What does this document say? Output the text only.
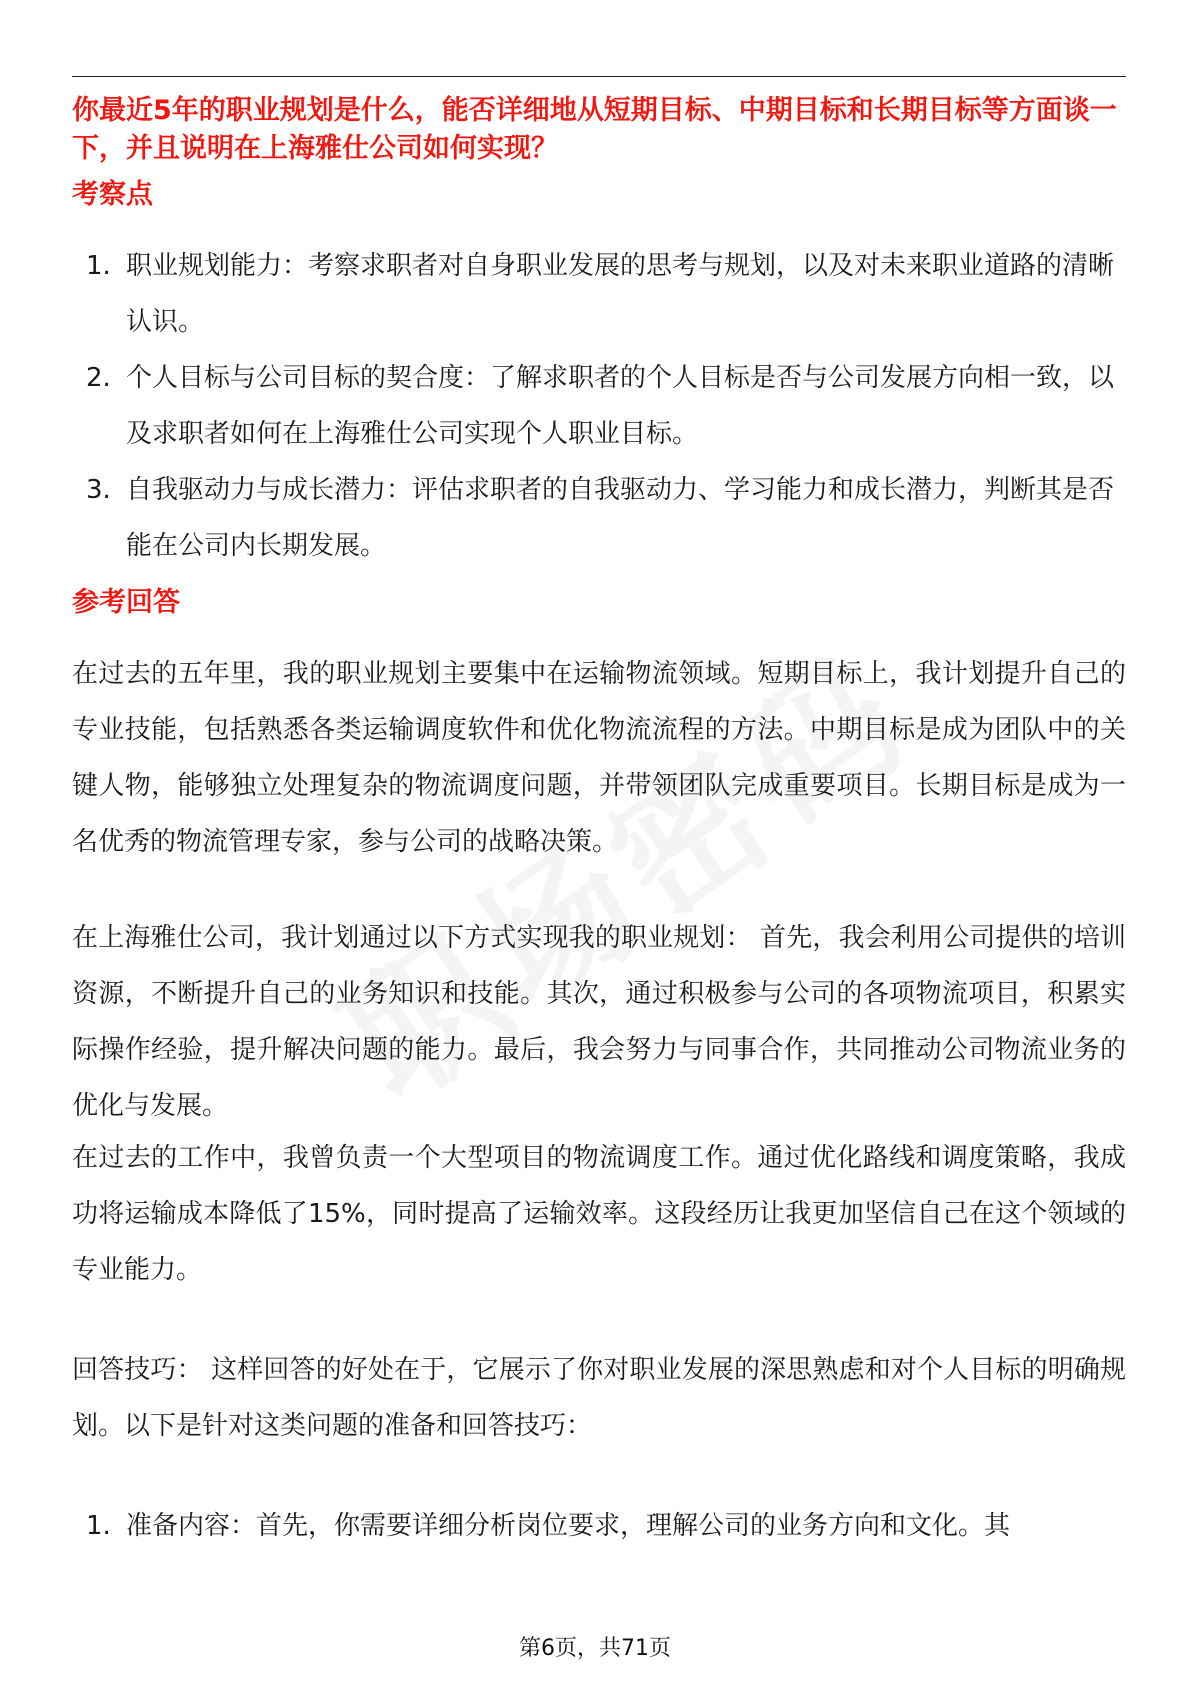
你最近5年的职业规划是什么，能否详细地从短期目标、中期目标和长期目标等方面谈一下，并且说明在上海雅仕公司如何实现？

考察点

1. 职业规划能力：考察求职者对自身职业发展的思考与规划，以及对未来职业道路的清晰认识。
2. 个人目标与公司目标的契合度：了解求职者的个人目标是否与公司发展方向相一致，以及求职者如何在上海雅仕公司实现个人职业目标。
3. 自我驱动力与成长潜力：评估求职者的自我驱动力、学习能力和成长潜力，判断其是否能在公司内长期发展。

参考回答

在过去的五年里，我的职业规划主要集中在运输物流领域。短期目标上，我计划提升自己的专业技能，包括熟悉各类运输调度软件和优化物流流程的方法。中期目标是成为团队中的关键人物，能够独立处理复杂的物流调度问题，并带领团队完成重要项目。长期目标是成为一名优秀的物流管理专家，参与公司的战略决策。

在上海雅仕公司，我计划通过以下方式实现我的职业规划： 首先，我会利用公司提供的培训资源，不断提升自己的业务知识和技能。其次，通过积极参与公司的各项物流项目，积累实际操作经验，提升解决问题的能力。最后，我会努力与同事合作，共同推动公司物流业务的优化与发展。

在过去的工作中，我曾负责一个大型项目的物流调度工作。通过优化路线和调度策略，我成功将运输成本降低了15%，同时提高了运输效率。这段经历让我更加坚信自己在这个领域的专业能力。

回答技巧： 这样回答的好处在于，它展示了你对职业发展的深思熟虑和对个人目标的明确规划。以下是针对这类问题的准备和回答技巧：

1. 准备内容：首先，你需要详细分析岗位要求，理解公司的业务方向和文化。其
第6页，共71页
